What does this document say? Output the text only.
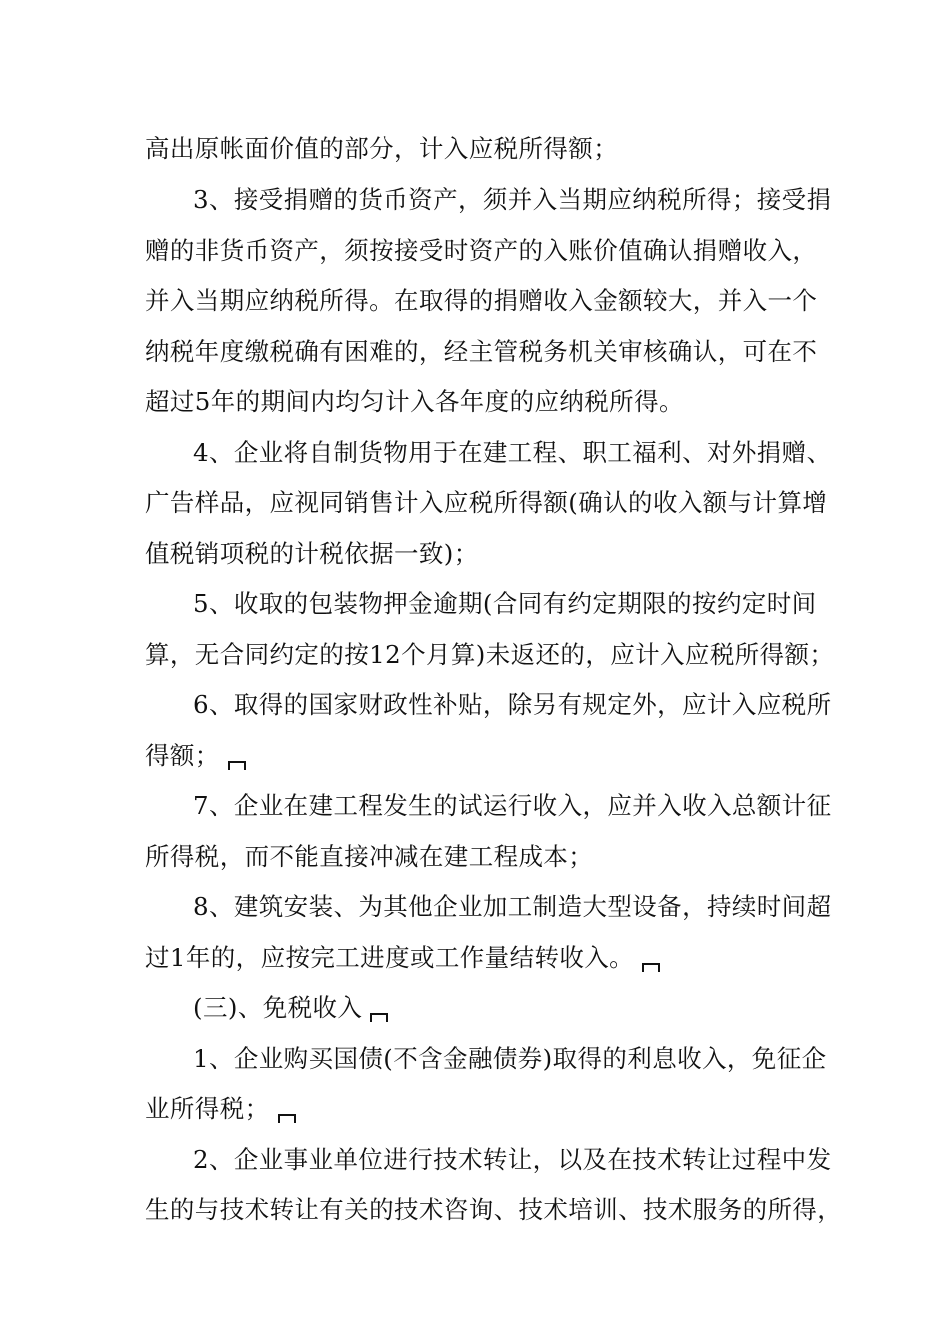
高出原帐面价值的部分，计入应税所得额；
3、接受捐赠的货币资产，须并入当期应纳税所得；接受捐
赠的非货币资产，须按接受时资产的入账价值确认捐赠收入，
并入当期应纳税所得。在取得的捐赠收入金额较大，并入一个
纳税年度缴税确有困难的，经主管税务机关审核确认，可在不
超过5年的期间内均匀计入各年度的应纳税所得。
4、企业将自制货物用于在建工程、职工福利、对外捐赠、
广告样品，应视同销售计入应税所得额(确认的收入额与计算增
值税销项税的计税依据一致)；
5、收取的包装物押金逾期(合同有约定期限的按约定时间
算，无合同约定的按12个月算)未返还的，应计入应税所得额；
6、取得的国家财政性补贴，除另有规定外，应计入应税所
得额；
7、企业在建工程发生的试运行收入，应并入收入总额计征
所得税，而不能直接冲减在建工程成本；
8、建筑安装、为其他企业加工制造大型设备，持续时间超
过1年的，应按完工进度或工作量结转收入。
(三)、免税收入
1、企业购买国债(不含金融债券)取得的利息收入，免征企
业所得税；
2、企业事业单位进行技术转让，以及在技术转让过程中发
生的与技术转让有关的技术咨询、技术培训、技术服务的所得，
